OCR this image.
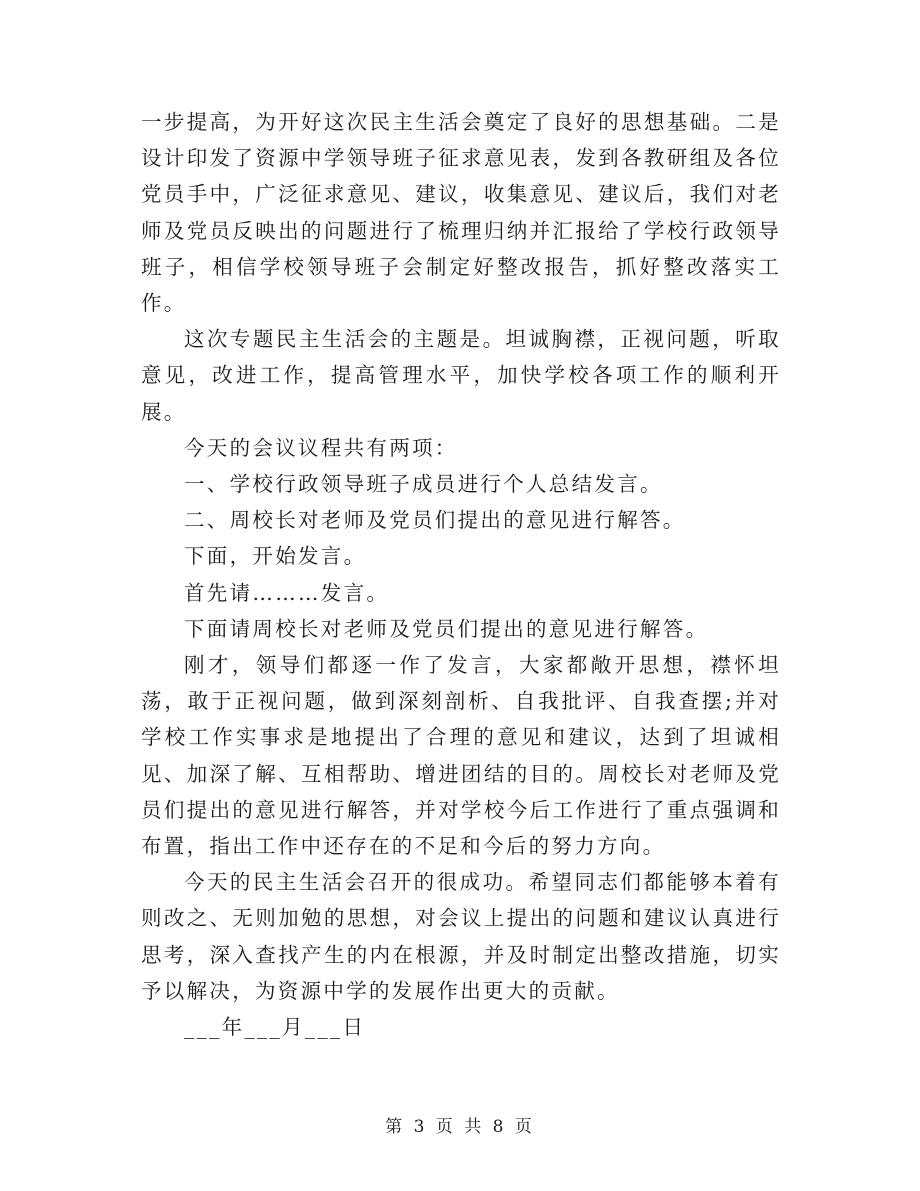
一步提高，为开好这次民主生活会奠定了良好的思想基础。二是设计印发了资源中学领导班子征求意见表，发到各教研组及各位党员手中，广泛征求意见、建议，收集意见、建议后，我们对老师及党员反映出的问题进行了梳理归纳并汇报给了学校行政领导班子，相信学校领导班子会制定好整改报告，抓好整改落实工作。

这次专题民主生活会的主题是。坦诚胸襟，正视问题，听取意见，改进工作，提高管理水平，加快学校各项工作的顺利开展。

今天的会议议程共有两项：

一、学校行政领导班子成员进行个人总结发言。

二、周校长对老师及党员们提出的意见进行解答。

下面，开始发言。

首先请………发言。

下面请周校长对老师及党员们提出的意见进行解答。

刚才，领导们都逐一作了发言，大家都敞开思想，襟怀坦荡，敢于正视问题，做到深刻剖析、自我批评、自我查摆;并对学校工作实事求是地提出了合理的意见和建议，达到了坦诚相见、加深了解、互相帮助、增进团结的目的。周校长对老师及党员们提出的意见进行解答，并对学校今后工作进行了重点强调和布置，指出工作中还存在的不足和今后的努力方向。

今天的民主生活会召开的很成功。希望同志们都能够本着有则改之、无则加勉的思想，对会议上提出的问题和建议认真进行思考，深入查找产生的内在根源，并及时制定出整改措施，切实予以解决，为资源中学的发展作出更大的贡献。

___年___月___日

第 3 页 共 8 页
